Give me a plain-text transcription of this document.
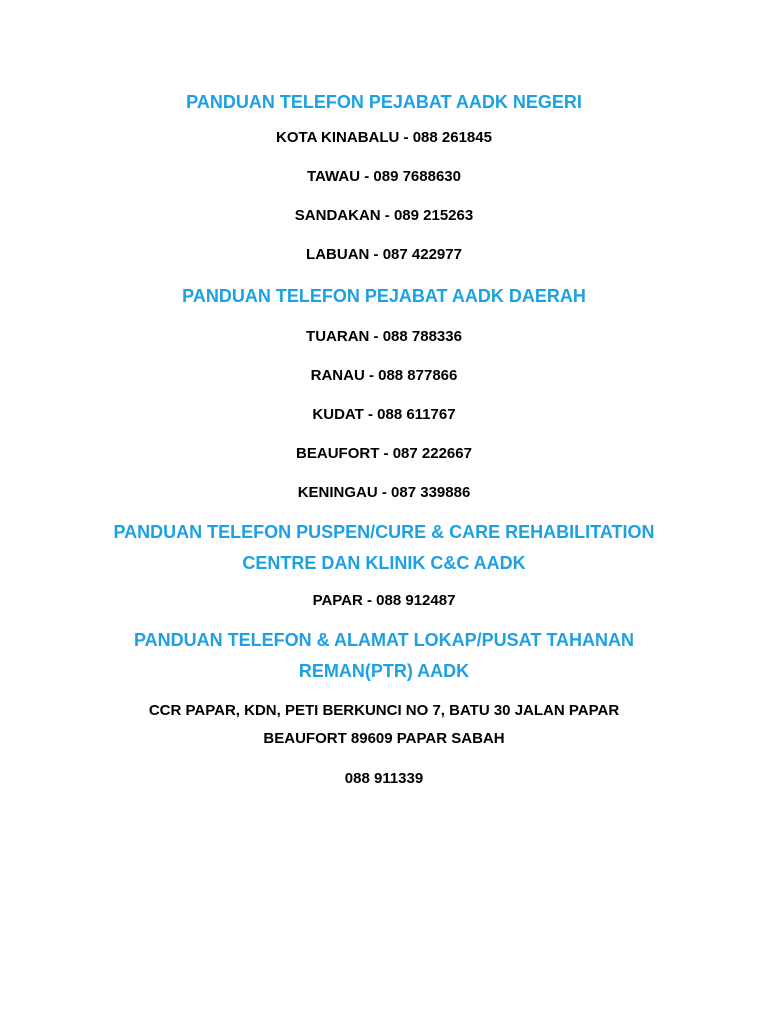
PANDUAN TELEFON PEJABAT AADK NEGERI

KOTA KINABALU - 088 261845

TAWAU - 089 7688630

SANDAKAN - 089 215263

LABUAN - 087 422977

PANDUAN TELEFON PEJABAT AADK DAERAH

TUARAN - 088 788336

RANAU - 088 877866

KUDAT - 088 611767

BEAUFORT - 087 222667

KENINGAU - 087 339886

PANDUAN TELEFON PUSPEN/CURE & CARE REHABILITATION
CENTRE DAN KLINIK C&C AADK

PAPAR - 088 912487

PANDUAN TELEFON & ALAMAT LOKAP/PUSAT TAHANAN
REMAN(PTR) AADK
CCR PAPAR, KDN, PETI BERKUNCI NO 7, BATU 30 JALAN PAPAR
BEAUFORT 89609 PAPAR SABAH

088 911339
